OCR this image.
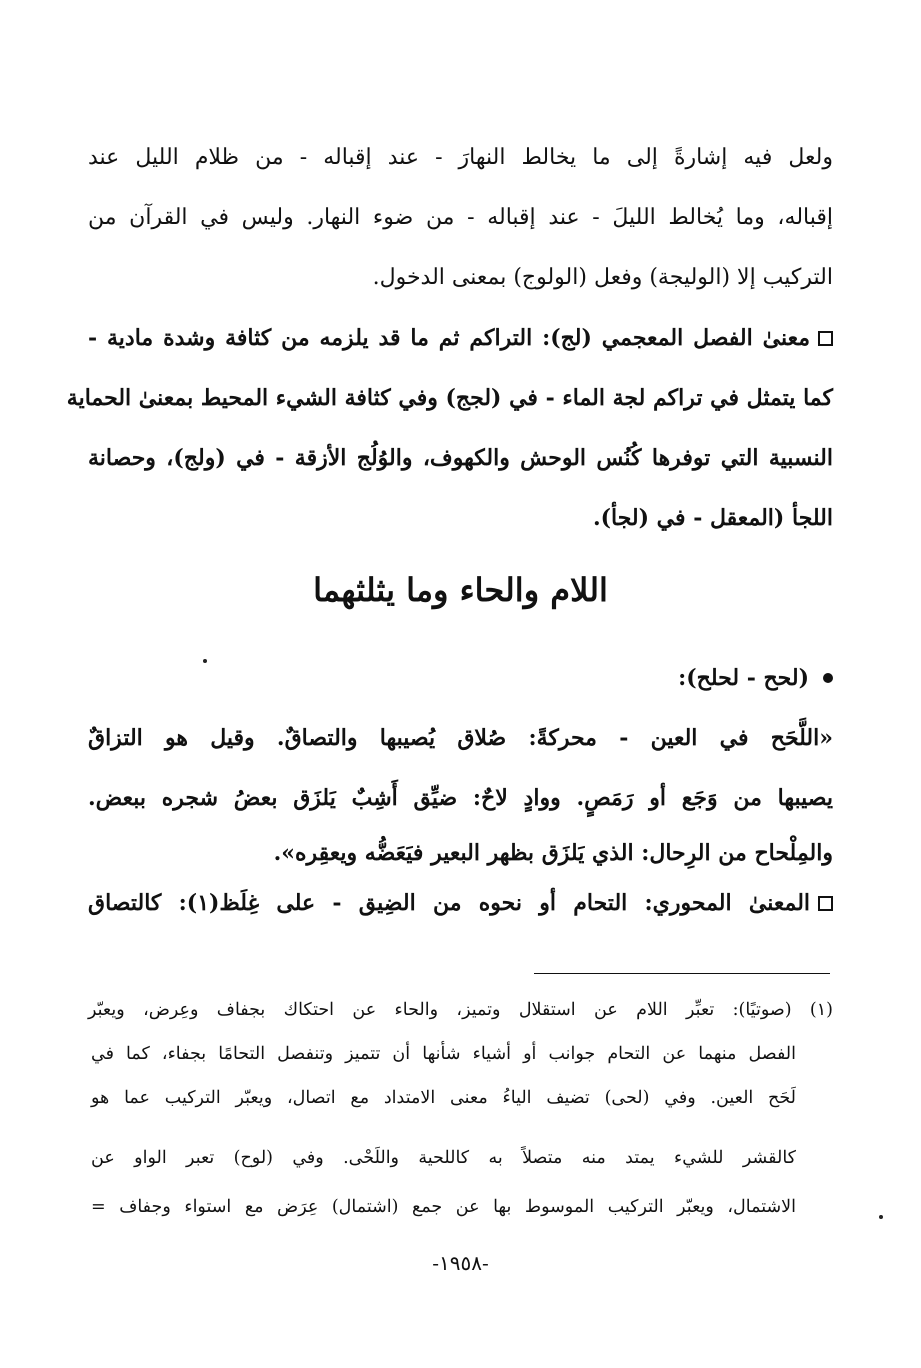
ولعل فيه إشارةً إلى ما يخالط النهارَ - عند إقباله - من ظلام الليل عند
إقباله، وما يُخالط الليلَ - عند إقباله - من ضوء النهار. وليس في القرآن من
التركيب إلا (الوليجة) وفعل (الولوج) بمعنى الدخول.
معنىٰ الفصل المعجمي (لج): التراكم ثم ما قد يلزمه من كثافة وشدة مادية -
كما يتمثل في تراكم لجة الماء - في (لجج) وفي كثافة الشيء المحيط بمعنىٰ الحماية
النسبية التي توفرها كُنُس الوحش والكهوف، والوُلُج الأزقة - في (ولج)، وحصانة
اللجأ (المعقل - في (لجأ).
اللام والحاء وما يثلثهما
(لحح - لحلح):
«اللَّحَح في العين - محركةً: صُلاق يُصيبها والتصاقٌ. وقيل هو التزاقٌ
يصيبها من وَجَع أو رَمَصٍ. ووادٍ لاحٌ: ضيِّق أَشِبٌ يَلزَق بعضُ شجره ببعض.
والمِلْحاح من الرِحال: الذي يَلزَق بظهر البعير فيَعَضُّه ويعقِره».
المعنىٰ المحوري: التحام أو نحوه من الضِيق - على غِلَظ(١): كالتصاق
(١) (صوتيًا): تعبِّر اللام عن استقلال وتميز، والحاء عن احتكاك بجفاف وعِرض، ويعبّر
الفصل منهما عن التحام جوانب أو أشياء شأنها أن تتميز وتنفصل التحامًا بجفاء، كما في
لَحَح العين. وفي (لحى) تضيف الياءُ معنى الامتداد مع اتصال، ويعبّر التركيب عما هو
كالقشر للشيء يمتد منه متصلاً به كاللحية واللَحْى. وفي (لوح) تعبر الواو عن
الاشتمال، ويعبّر التركيب الموسوط بها عن جمع (اشتمال) عِرَض مع استواء وجفاف =
-١٩٥٨-
